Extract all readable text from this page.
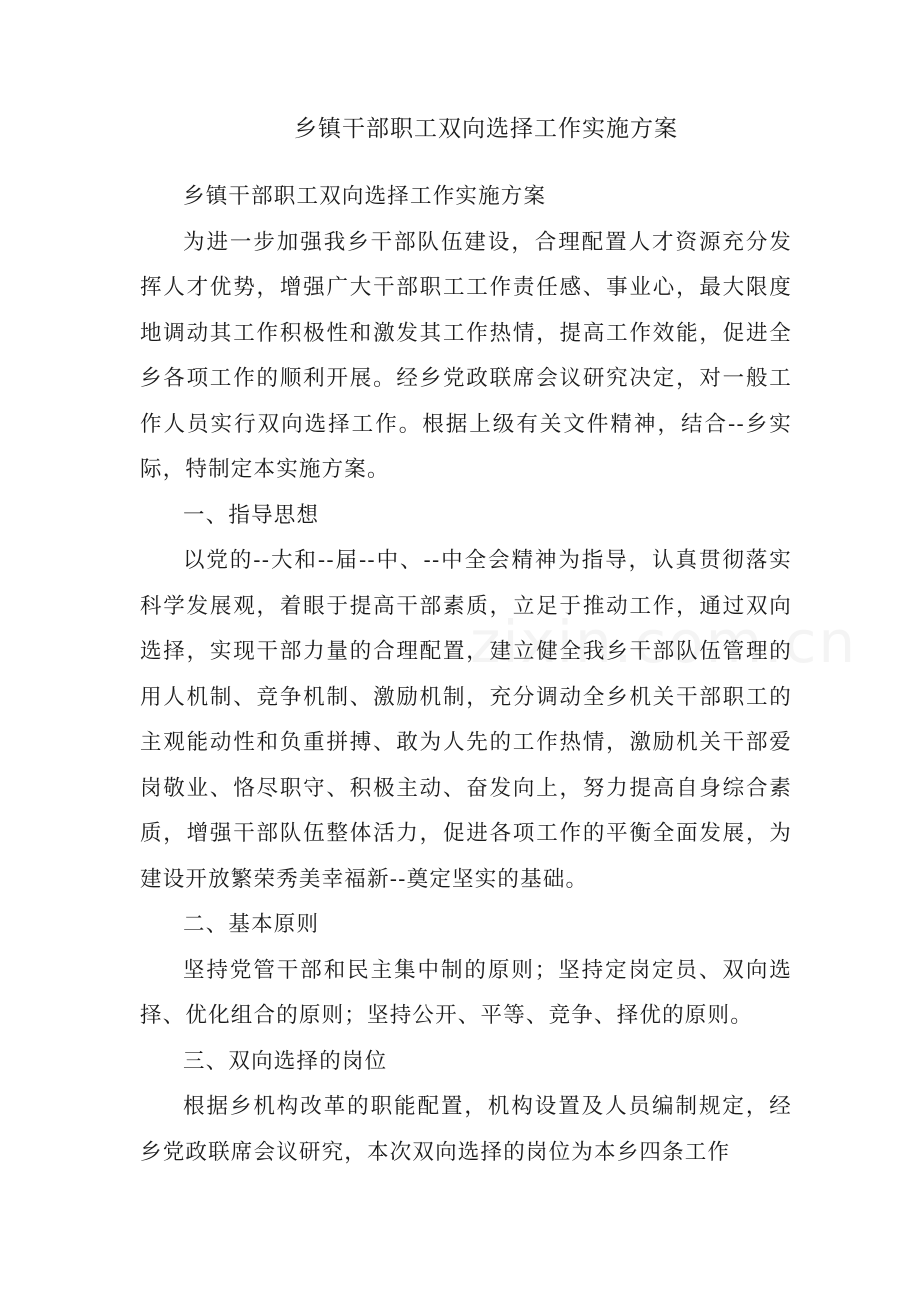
乡镇干部职工双向选择工作实施方案

乡镇干部职工双向选择工作实施方案

为进一步加强我乡干部队伍建设，合理配置人才资源充分发挥人才优势，增强广大干部职工工作责任感、事业心，最大限度地调动其工作积极性和激发其工作热情，提高工作效能，促进全乡各项工作的顺利开展。经乡党政联席会议研究决定，对一般工作人员实行双向选择工作。根据上级有关文件精神，结合--乡实际，特制定本实施方案。

一、指导思想

以党的--大和--届--中、--中全会精神为指导，认真贯彻落实科学发展观，着眼于提高干部素质，立足于推动工作，通过双向选择，实现干部力量的合理配置，建立健全我乡干部队伍管理的用人机制、竞争机制、激励机制，充分调动全乡机关干部职工的主观能动性和负重拼搏、敢为人先的工作热情，激励机关干部爱岗敬业、恪尽职守、积极主动、奋发向上，努力提高自身综合素质，增强干部队伍整体活力，促进各项工作的平衡全面发展，为建设开放繁荣秀美幸福新--奠定坚实的基础。

二、基本原则

坚持党管干部和民主集中制的原则；坚持定岗定员、双向选择、优化组合的原则；坚持公开、平等、竞争、择优的原则。

三、双向选择的岗位

根据乡机构改革的职能配置，机构设置及人员编制规定，经乡党政联席会议研究，本次双向选择的岗位为本乡四条工作
